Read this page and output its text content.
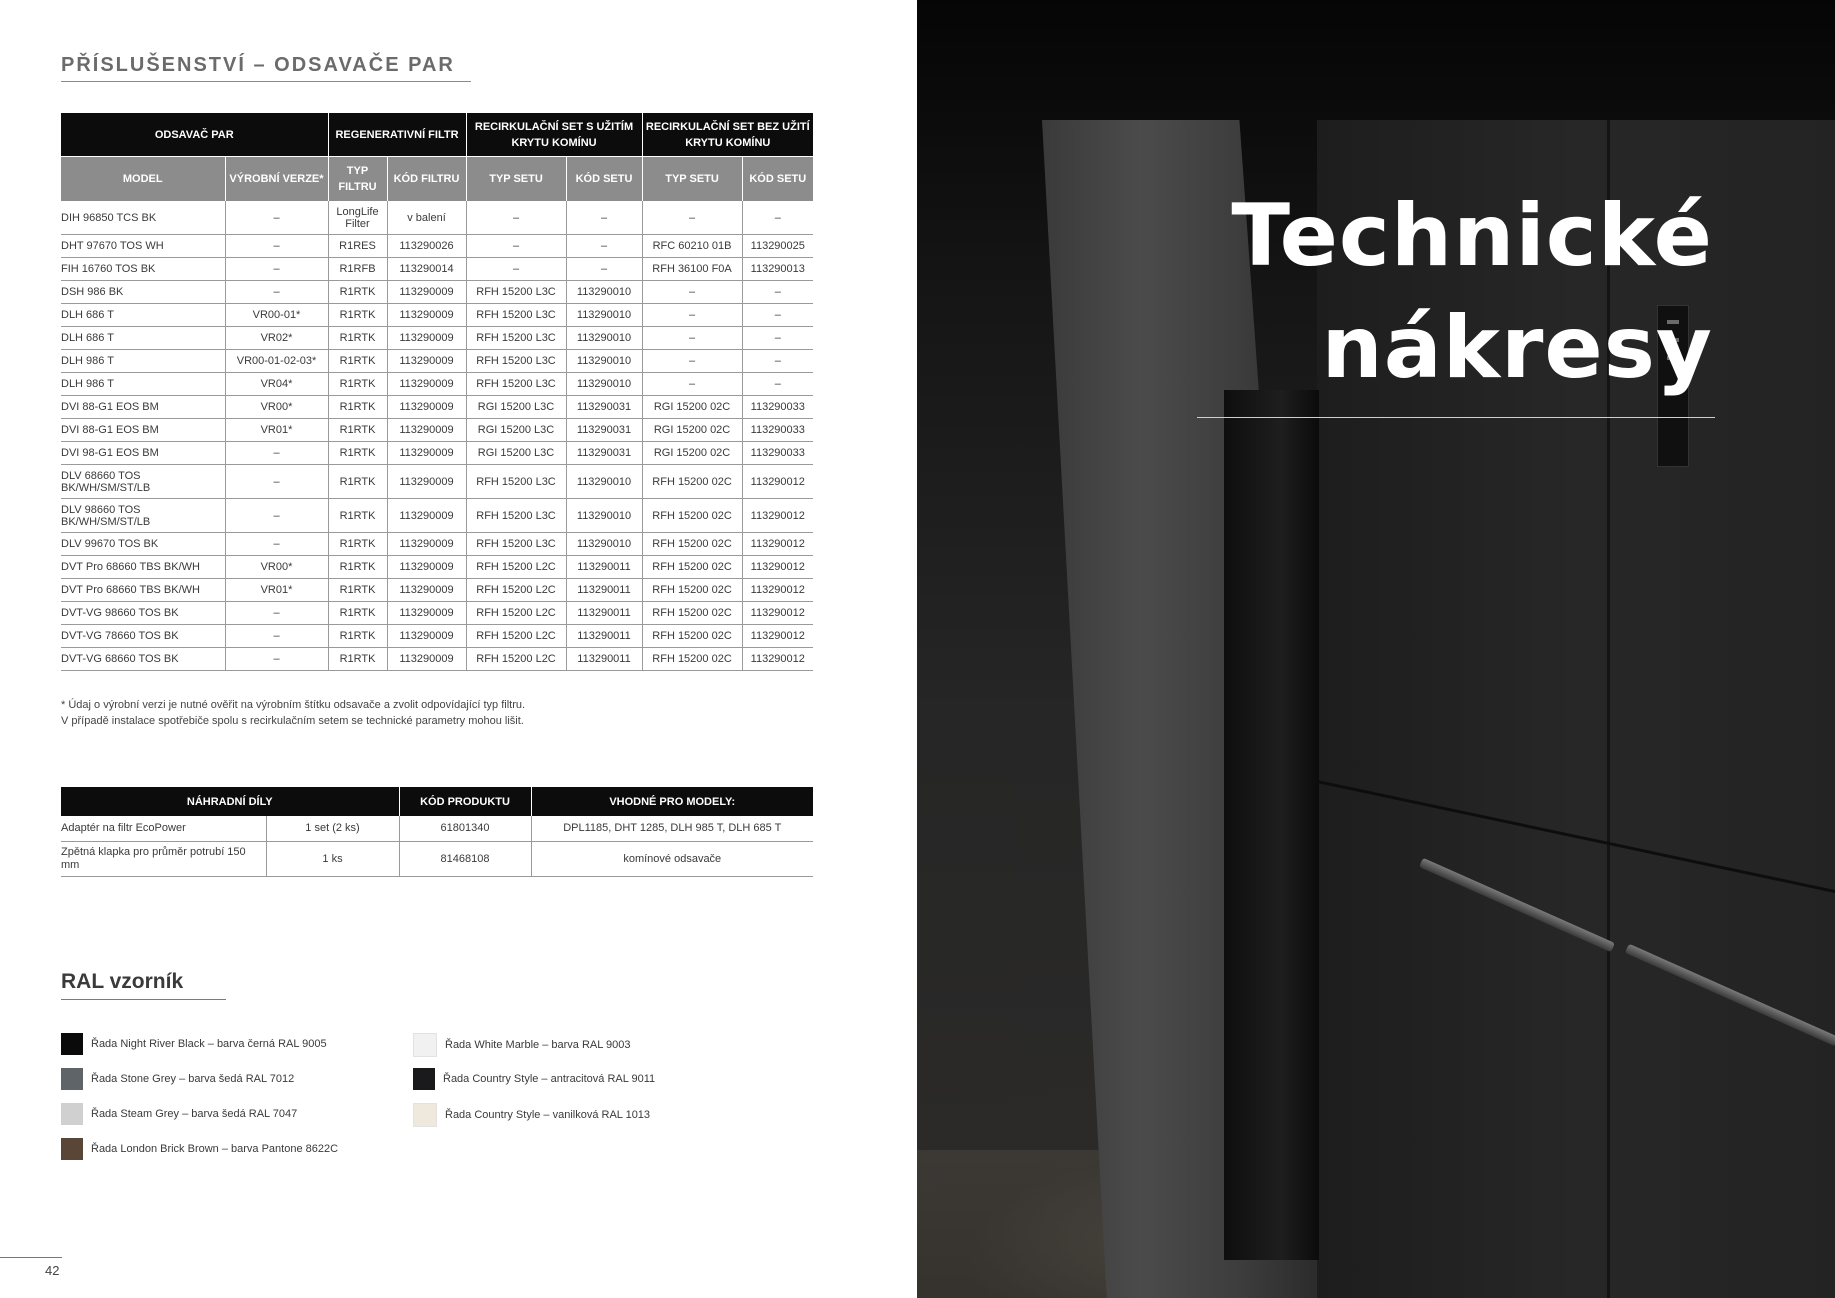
PŘÍSLUŠENSTVÍ – ODSAVAČE PAR
ODSAVAČ PAR		REGENERATIVNÍ FILTR		RECIRKULAČNÍ SET S UŽITÍM KRYTU KOMÍNU		RECIRKULAČNÍ SET BEZ UŽITÍ KRYTU KOMÍNU	
MODEL	VÝROBNÍ VERZE*	TYP FILTRU	KÓD FILTRU	TYP SETU	KÓD SETU	TYP SETU	KÓD SETU
DIH 96850 TCS BK	–	LongLife Filter	v balení	–	–	–	–
DHT 97670 TOS WH	–	R1RES	113290026	–	–	RFC 60210 01B	113290025
FIH 16760 TOS BK	–	R1RFB	113290014	–	–	RFH 36100 F0A	113290013
DSH 986 BK	–	R1RTK	113290009	RFH 15200 L3C	113290010	–	–
DLH 686 T	VR00-01*	R1RTK	113290009	RFH 15200 L3C	113290010	–	–
DLH 686 T	VR02*	R1RTK	113290009	RFH 15200 L3C	113290010	–	–
DLH 986 T	VR00-01-02-03*	R1RTK	113290009	RFH 15200 L3C	113290010	–	–
DLH 986 T	VR04*	R1RTK	113290009	RFH 15200 L3C	113290010	–	–
DVI 88-G1 EOS BM	VR00*	R1RTK	113290009	RGI 15200 L3C	113290031	RGI 15200 02C	113290033
DVI 88-G1 EOS BM	VR01*	R1RTK	113290009	RGI 15200 L3C	113290031	RGI 15200 02C	113290033
DVI 98-G1 EOS BM	–	R1RTK	113290009	RGI 15200 L3C	113290031	RGI 15200 02C	113290033
DLV 68660 TOS BK/WH/SM/ST/LB	–	R1RTK	113290009	RFH 15200 L3C	113290010	RFH 15200 02C	113290012
DLV 98660 TOS BK/WH/SM/ST/LB	–	R1RTK	113290009	RFH 15200 L3C	113290010	RFH 15200 02C	113290012
DLV 99670 TOS BK	–	R1RTK	113290009	RFH 15200 L3C	113290010	RFH 15200 02C	113290012
DVT Pro 68660 TBS BK/WH	VR00*	R1RTK	113290009	RFH 15200 L2C	113290011	RFH 15200 02C	113290012
DVT Pro 68660 TBS BK/WH	VR01*	R1RTK	113290009	RFH 15200 L2C	113290011	RFH 15200 02C	113290012
DVT-VG 98660 TOS BK	–	R1RTK	113290009	RFH 15200 L2C	113290011	RFH 15200 02C	113290012
DVT-VG 78660 TOS BK	–	R1RTK	113290009	RFH 15200 L2C	113290011	RFH 15200 02C	113290012
DVT-VG 68660 TOS BK	–	R1RTK	113290009	RFH 15200 L2C	113290011	RFH 15200 02C	113290012

* Údaj o výrobní verzi je nutné ověřit na výrobním štítku odsavače a zvolit odpovídající typ filtru.

V případě instalace spotřebiče spolu s recirkulačním setem se technické parametry mohou lišit.

NÁHRADNÍ DÍLY		KÓD PRODUKTU	VHODNÉ PRO MODELY:
Adaptér na filtr EcoPower	1 set (2 ks)	61801340	DPL1185, DHT 1285, DLH 985 T, DLH 685 T
Zpětná klapka pro průměr potrubí 150 mm	1 ks	81468108	komínové odsavače
RAL vzorník
Řada Night River Black – barva černá RAL 9005
Řada Stone Grey – barva šedá RAL 7012
Řada Steam Grey – barva šedá RAL 7047
Řada London Brick Brown – barva Pantone 8622C
Řada White Marble – barva RAL 9003
Řada Country Style – antracitová RAL 9011
Řada Country Style – vanilková RAL 1013
42
Technické
nákresy
